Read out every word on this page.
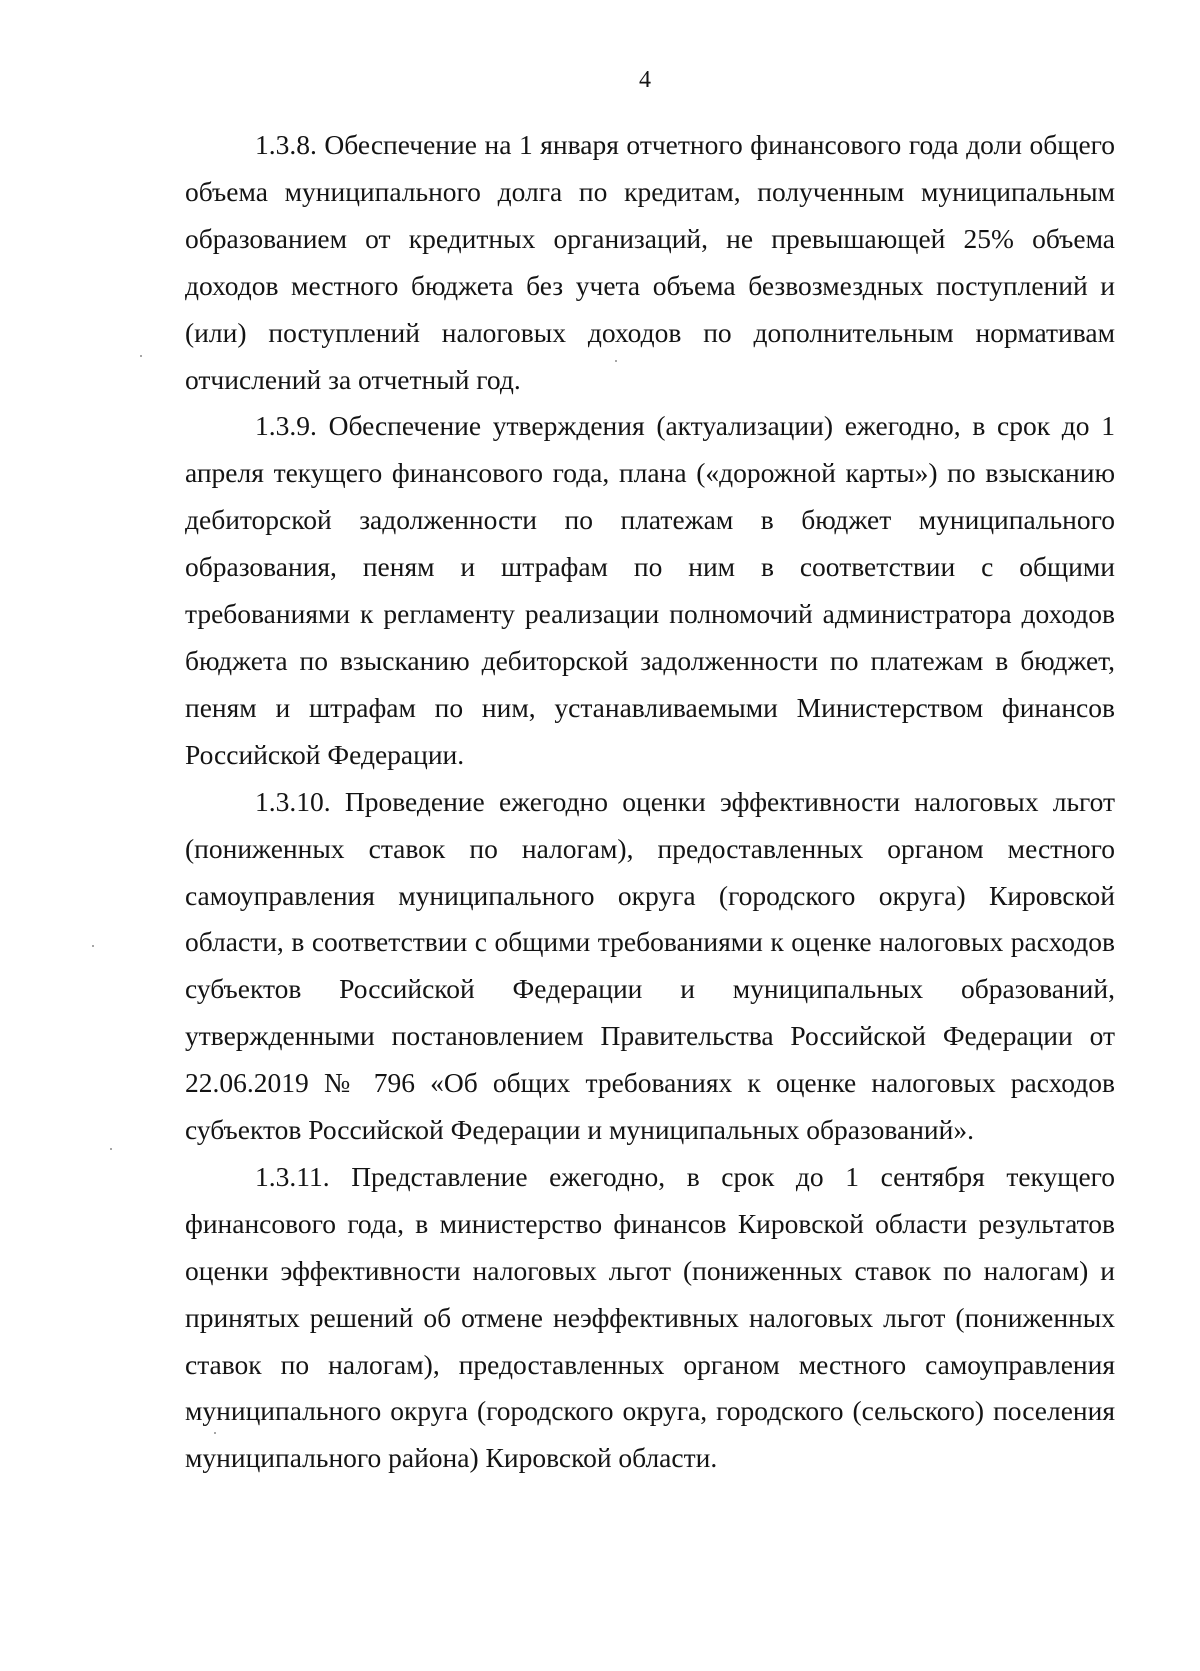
4

1.3.8. Обеспечение на 1 января отчетного финансового года доли общего объема муниципального долга по кредитам, полученным муниципальным образованием от кредитных организаций, не превышающей 25% объема доходов местного бюджета без учета объема безвозмездных поступлений и (или) поступлений налоговых доходов по дополнительным нормативам отчислений за отчетный год.

1.3.9. Обеспечение утверждения (актуализации) ежегодно, в срок до 1 апреля текущего финансового года, плана («дорожной карты») по взысканию дебиторской задолженности по платежам в бюджет муниципального образования, пеням и штрафам по ним в соответствии с общими требованиями к регламенту реализации полномочий администратора доходов бюджета по взысканию дебиторской задолженности по платежам в бюджет, пеням и штрафам по ним, устанавливаемыми Министерством финансов Российской Федерации.

1.3.10. Проведение ежегодно оценки эффективности налоговых льгот (пониженных ставок по налогам), предоставленных органом местного самоуправления муниципального округа (городского округа) Кировской области, в соответствии с общими требованиями к оценке налоговых расходов субъектов Российской Федерации и муниципальных образований, утвержденными постановлением Правительства Российской Федерации от 22.06.2019 № 796 «Об общих требованиях к оценке налоговых расходов субъектов Российской Федерации и муниципальных образований».

1.3.11. Представление ежегодно, в срок до 1 сентября текущего финансового года, в министерство финансов Кировской области результатов оценки эффективности налоговых льгот (пониженных ставок по налогам) и принятых решений об отмене неэффективных налоговых льгот (пониженных ставок по налогам), предоставленных органом местного самоуправления муниципального округа (городского округа, городского (сельского) поселения муниципального района) Кировской области.
